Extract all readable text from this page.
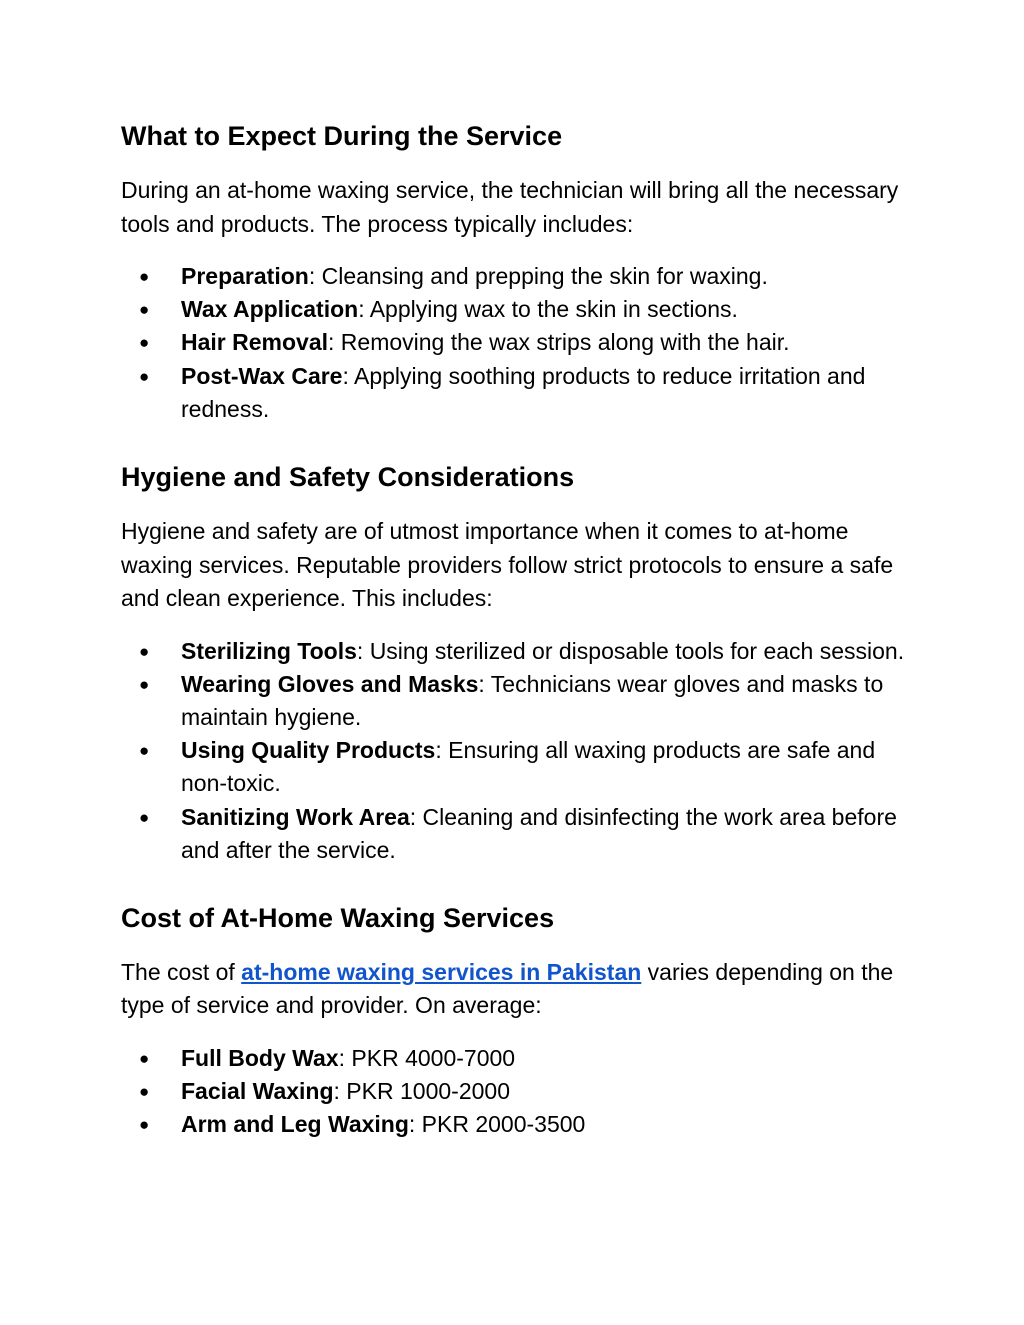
What to Expect During the Service

During an at-home waxing service, the technician will bring all the necessary tools and products. The process typically includes:

● Preparation: Cleansing and prepping the skin for waxing.
● Wax Application: Applying wax to the skin in sections.
● Hair Removal: Removing the wax strips along with the hair.
● Post-Wax Care: Applying soothing products to reduce irritation and redness.
Hygiene and Safety Considerations

Hygiene and safety are of utmost importance when it comes to at-home waxing services. Reputable providers follow strict protocols to ensure a safe and clean experience. This includes:

● Sterilizing Tools: Using sterilized or disposable tools for each session.
● Wearing Gloves and Masks: Technicians wear gloves and masks to maintain hygiene.
● Using Quality Products: Ensuring all waxing products are safe and non-toxic.
● Sanitizing Work Area: Cleaning and disinfecting the work area before and after the service.
Cost of At-Home Waxing Services

The cost of at-home waxing services in Pakistan varies depending on the type of service and provider. On average:

● Full Body Wax: PKR 4000-7000
● Facial Waxing: PKR 1000-2000
● Arm and Leg Waxing: PKR 2000-3500
